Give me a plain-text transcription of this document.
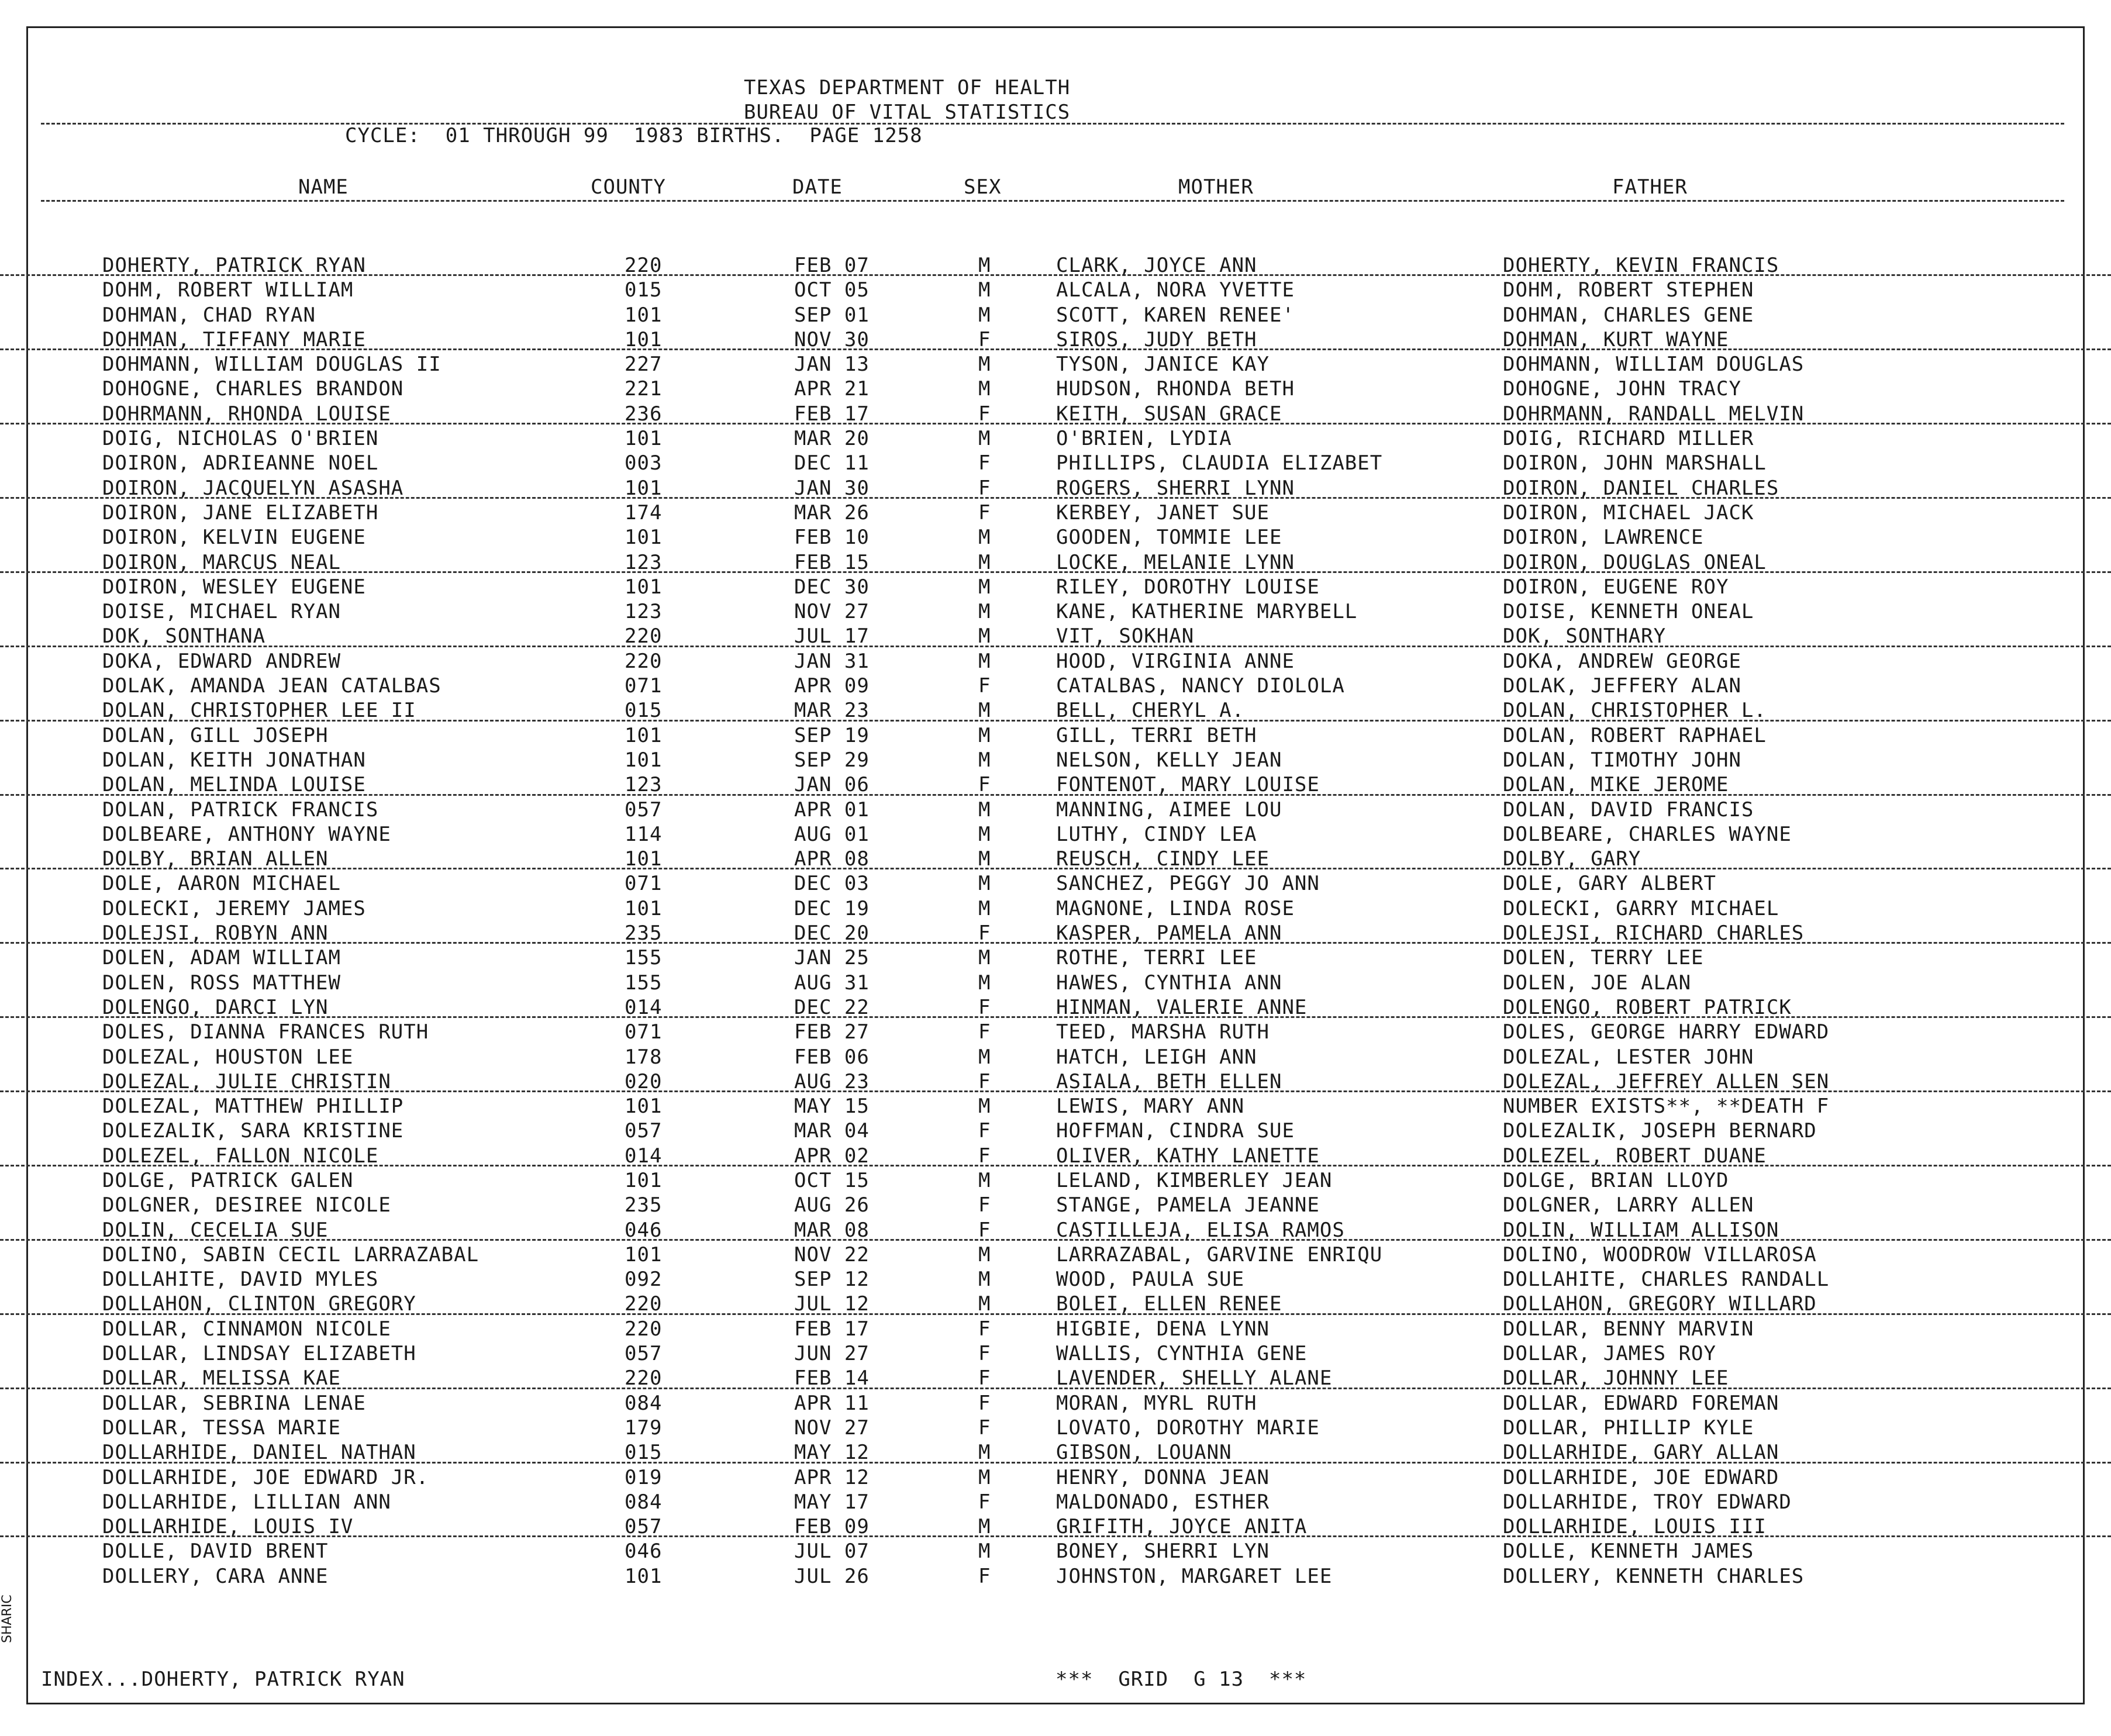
TEXAS DEPARTMENT OF HEALTH
BUREAU OF VITAL STATISTICS
CYCLE:  01 THROUGH 99  1983 BIRTHS.  PAGE 1258
NAME	COUNTY	DATE	SEX	MOTHER	FATHER
DOHERTY, PATRICK RYAN	220	FEB 07	M	CLARK, JOYCE ANN	DOHERTY, KEVIN FRANCIS
DOHM, ROBERT WILLIAM	015	OCT 05	M	ALCALA, NORA YVETTE	DOHM, ROBERT STEPHEN
DOHMAN, CHAD RYAN	101	SEP 01	M	SCOTT, KAREN RENEE'	DOHMAN, CHARLES GENE
DOHMAN, TIFFANY MARIE	101	NOV 30	F	SIROS, JUDY BETH	DOHMAN, KURT WAYNE
DOHMANN, WILLIAM DOUGLAS II	227	JAN 13	M	TYSON, JANICE KAY	DOHMANN, WILLIAM DOUGLAS
DOHOGNE, CHARLES BRANDON	221	APR 21	M	HUDSON, RHONDA BETH	DOHOGNE, JOHN TRACY
DOHRMANN, RHONDA LOUISE	236	FEB 17	F	KEITH, SUSAN GRACE	DOHRMANN, RANDALL MELVIN
DOIG, NICHOLAS O'BRIEN	101	MAR 20	M	O'BRIEN, LYDIA	DOIG, RICHARD MILLER
DOIRON, ADRIEANNE NOEL	003	DEC 11	F	PHILLIPS, CLAUDIA ELIZABET	DOIRON, JOHN MARSHALL
DOIRON, JACQUELYN ASASHA	101	JAN 30	F	ROGERS, SHERRI LYNN	DOIRON, DANIEL CHARLES
DOIRON, JANE ELIZABETH	174	MAR 26	F	KERBEY, JANET SUE	DOIRON, MICHAEL JACK
DOIRON, KELVIN EUGENE	101	FEB 10	M	GOODEN, TOMMIE LEE	DOIRON, LAWRENCE
DOIRON, MARCUS NEAL	123	FEB 15	M	LOCKE, MELANIE LYNN	DOIRON, DOUGLAS ONEAL
DOIRON, WESLEY EUGENE	101	DEC 30	M	RILEY, DOROTHY LOUISE	DOIRON, EUGENE ROY
DOISE, MICHAEL RYAN	123	NOV 27	M	KANE, KATHERINE MARYBELL	DOISE, KENNETH ONEAL
DOK, SONTHANA	220	JUL 17	M	VIT, SOKHAN	DOK, SONTHARY
DOKA, EDWARD ANDREW	220	JAN 31	M	HOOD, VIRGINIA ANNE	DOKA, ANDREW GEORGE
DOLAK, AMANDA JEAN CATALBAS	071	APR 09	F	CATALBAS, NANCY DIOLOLA	DOLAK, JEFFERY ALAN
DOLAN, CHRISTOPHER LEE II	015	MAR 23	M	BELL, CHERYL A.	DOLAN, CHRISTOPHER L.
DOLAN, GILL JOSEPH	101	SEP 19	M	GILL, TERRI BETH	DOLAN, ROBERT RAPHAEL
DOLAN, KEITH JONATHAN	101	SEP 29	M	NELSON, KELLY JEAN	DOLAN, TIMOTHY JOHN
DOLAN, MELINDA LOUISE	123	JAN 06	F	FONTENOT, MARY LOUISE	DOLAN, MIKE JEROME
DOLAN, PATRICK FRANCIS	057	APR 01	M	MANNING, AIMEE LOU	DOLAN, DAVID FRANCIS
DOLBEARE, ANTHONY WAYNE	114	AUG 01	M	LUTHY, CINDY LEA	DOLBEARE, CHARLES WAYNE
DOLBY, BRIAN ALLEN	101	APR 08	M	REUSCH, CINDY LEE	DOLBY, GARY
DOLE, AARON MICHAEL	071	DEC 03	M	SANCHEZ, PEGGY JO ANN	DOLE, GARY ALBERT
DOLECKI, JEREMY JAMES	101	DEC 19	M	MAGNONE, LINDA ROSE	DOLECKI, GARRY MICHAEL
DOLEJSI, ROBYN ANN	235	DEC 20	F	KASPER, PAMELA ANN	DOLEJSI, RICHARD CHARLES
DOLEN, ADAM WILLIAM	155	JAN 25	M	ROTHE, TERRI LEE	DOLEN, TERRY LEE
DOLEN, ROSS MATTHEW	155	AUG 31	M	HAWES, CYNTHIA ANN	DOLEN, JOE ALAN
DOLENGO, DARCI LYN	014	DEC 22	F	HINMAN, VALERIE ANNE	DOLENGO, ROBERT PATRICK
DOLES, DIANNA FRANCES RUTH	071	FEB 27	F	TEED, MARSHA RUTH	DOLES, GEORGE HARRY EDWARD
DOLEZAL, HOUSTON LEE	178	FEB 06	M	HATCH, LEIGH ANN	DOLEZAL, LESTER JOHN
DOLEZAL, JULIE CHRISTIN	020	AUG 23	F	ASIALA, BETH ELLEN	DOLEZAL, JEFFREY ALLEN SEN
DOLEZAL, MATTHEW PHILLIP	101	MAY 15	M	LEWIS, MARY ANN	NUMBER EXISTS**, **DEATH F
DOLEZALIK, SARA KRISTINE	057	MAR 04	F	HOFFMAN, CINDRA SUE	DOLEZALIK, JOSEPH BERNARD
DOLEZEL, FALLON NICOLE	014	APR 02	F	OLIVER, KATHY LANETTE	DOLEZEL, ROBERT DUANE
DOLGE, PATRICK GALEN	101	OCT 15	M	LELAND, KIMBERLEY JEAN	DOLGE, BRIAN LLOYD
DOLGNER, DESIREE NICOLE	235	AUG 26	F	STANGE, PAMELA JEANNE	DOLGNER, LARRY ALLEN
DOLIN, CECELIA SUE	046	MAR 08	F	CASTILLEJA, ELISA RAMOS	DOLIN, WILLIAM ALLISON
DOLINO, SABIN CECIL LARRAZABAL	101	NOV 22	M	LARRAZABAL, GARVINE ENRIQU	DOLINO, WOODROW VILLAROSA
DOLLAHITE, DAVID MYLES	092	SEP 12	M	WOOD, PAULA SUE	DOLLAHITE, CHARLES RANDALL
DOLLAHON, CLINTON GREGORY	220	JUL 12	M	BOLEI, ELLEN RENEE	DOLLAHON, GREGORY WILLARD
DOLLAR, CINNAMON NICOLE	220	FEB 17	F	HIGBIE, DENA LYNN	DOLLAR, BENNY MARVIN
DOLLAR, LINDSAY ELIZABETH	057	JUN 27	F	WALLIS, CYNTHIA GENE	DOLLAR, JAMES ROY
DOLLAR, MELISSA KAE	220	FEB 14	F	LAVENDER, SHELLY ALANE	DOLLAR, JOHNNY LEE
DOLLAR, SEBRINA LENAE	084	APR 11	F	MORAN, MYRL RUTH	DOLLAR, EDWARD FOREMAN
DOLLAR, TESSA MARIE	179	NOV 27	F	LOVATO, DOROTHY MARIE	DOLLAR, PHILLIP KYLE
DOLLARHIDE, DANIEL NATHAN	015	MAY 12	M	GIBSON, LOUANN	DOLLARHIDE, GARY ALLAN
DOLLARHIDE, JOE EDWARD JR.	019	APR 12	M	HENRY, DONNA JEAN	DOLLARHIDE, JOE EDWARD
DOLLARHIDE, LILLIAN ANN	084	MAY 17	F	MALDONADO, ESTHER	DOLLARHIDE, TROY EDWARD
DOLLARHIDE, LOUIS IV	057	FEB 09	M	GRIFITH, JOYCE ANITA	DOLLARHIDE, LOUIS III
DOLLE, DAVID BRENT	046	JUL 07	M	BONEY, SHERRI LYN	DOLLE, KENNETH JAMES
DOLLERY, CARA ANNE	101	JUL 26	F	JOHNSTON, MARGARET LEE	DOLLERY, KENNETH CHARLES
INDEX...DOHERTY, PATRICK RYAN	***  GRID  G 13  ***
SHARIC
